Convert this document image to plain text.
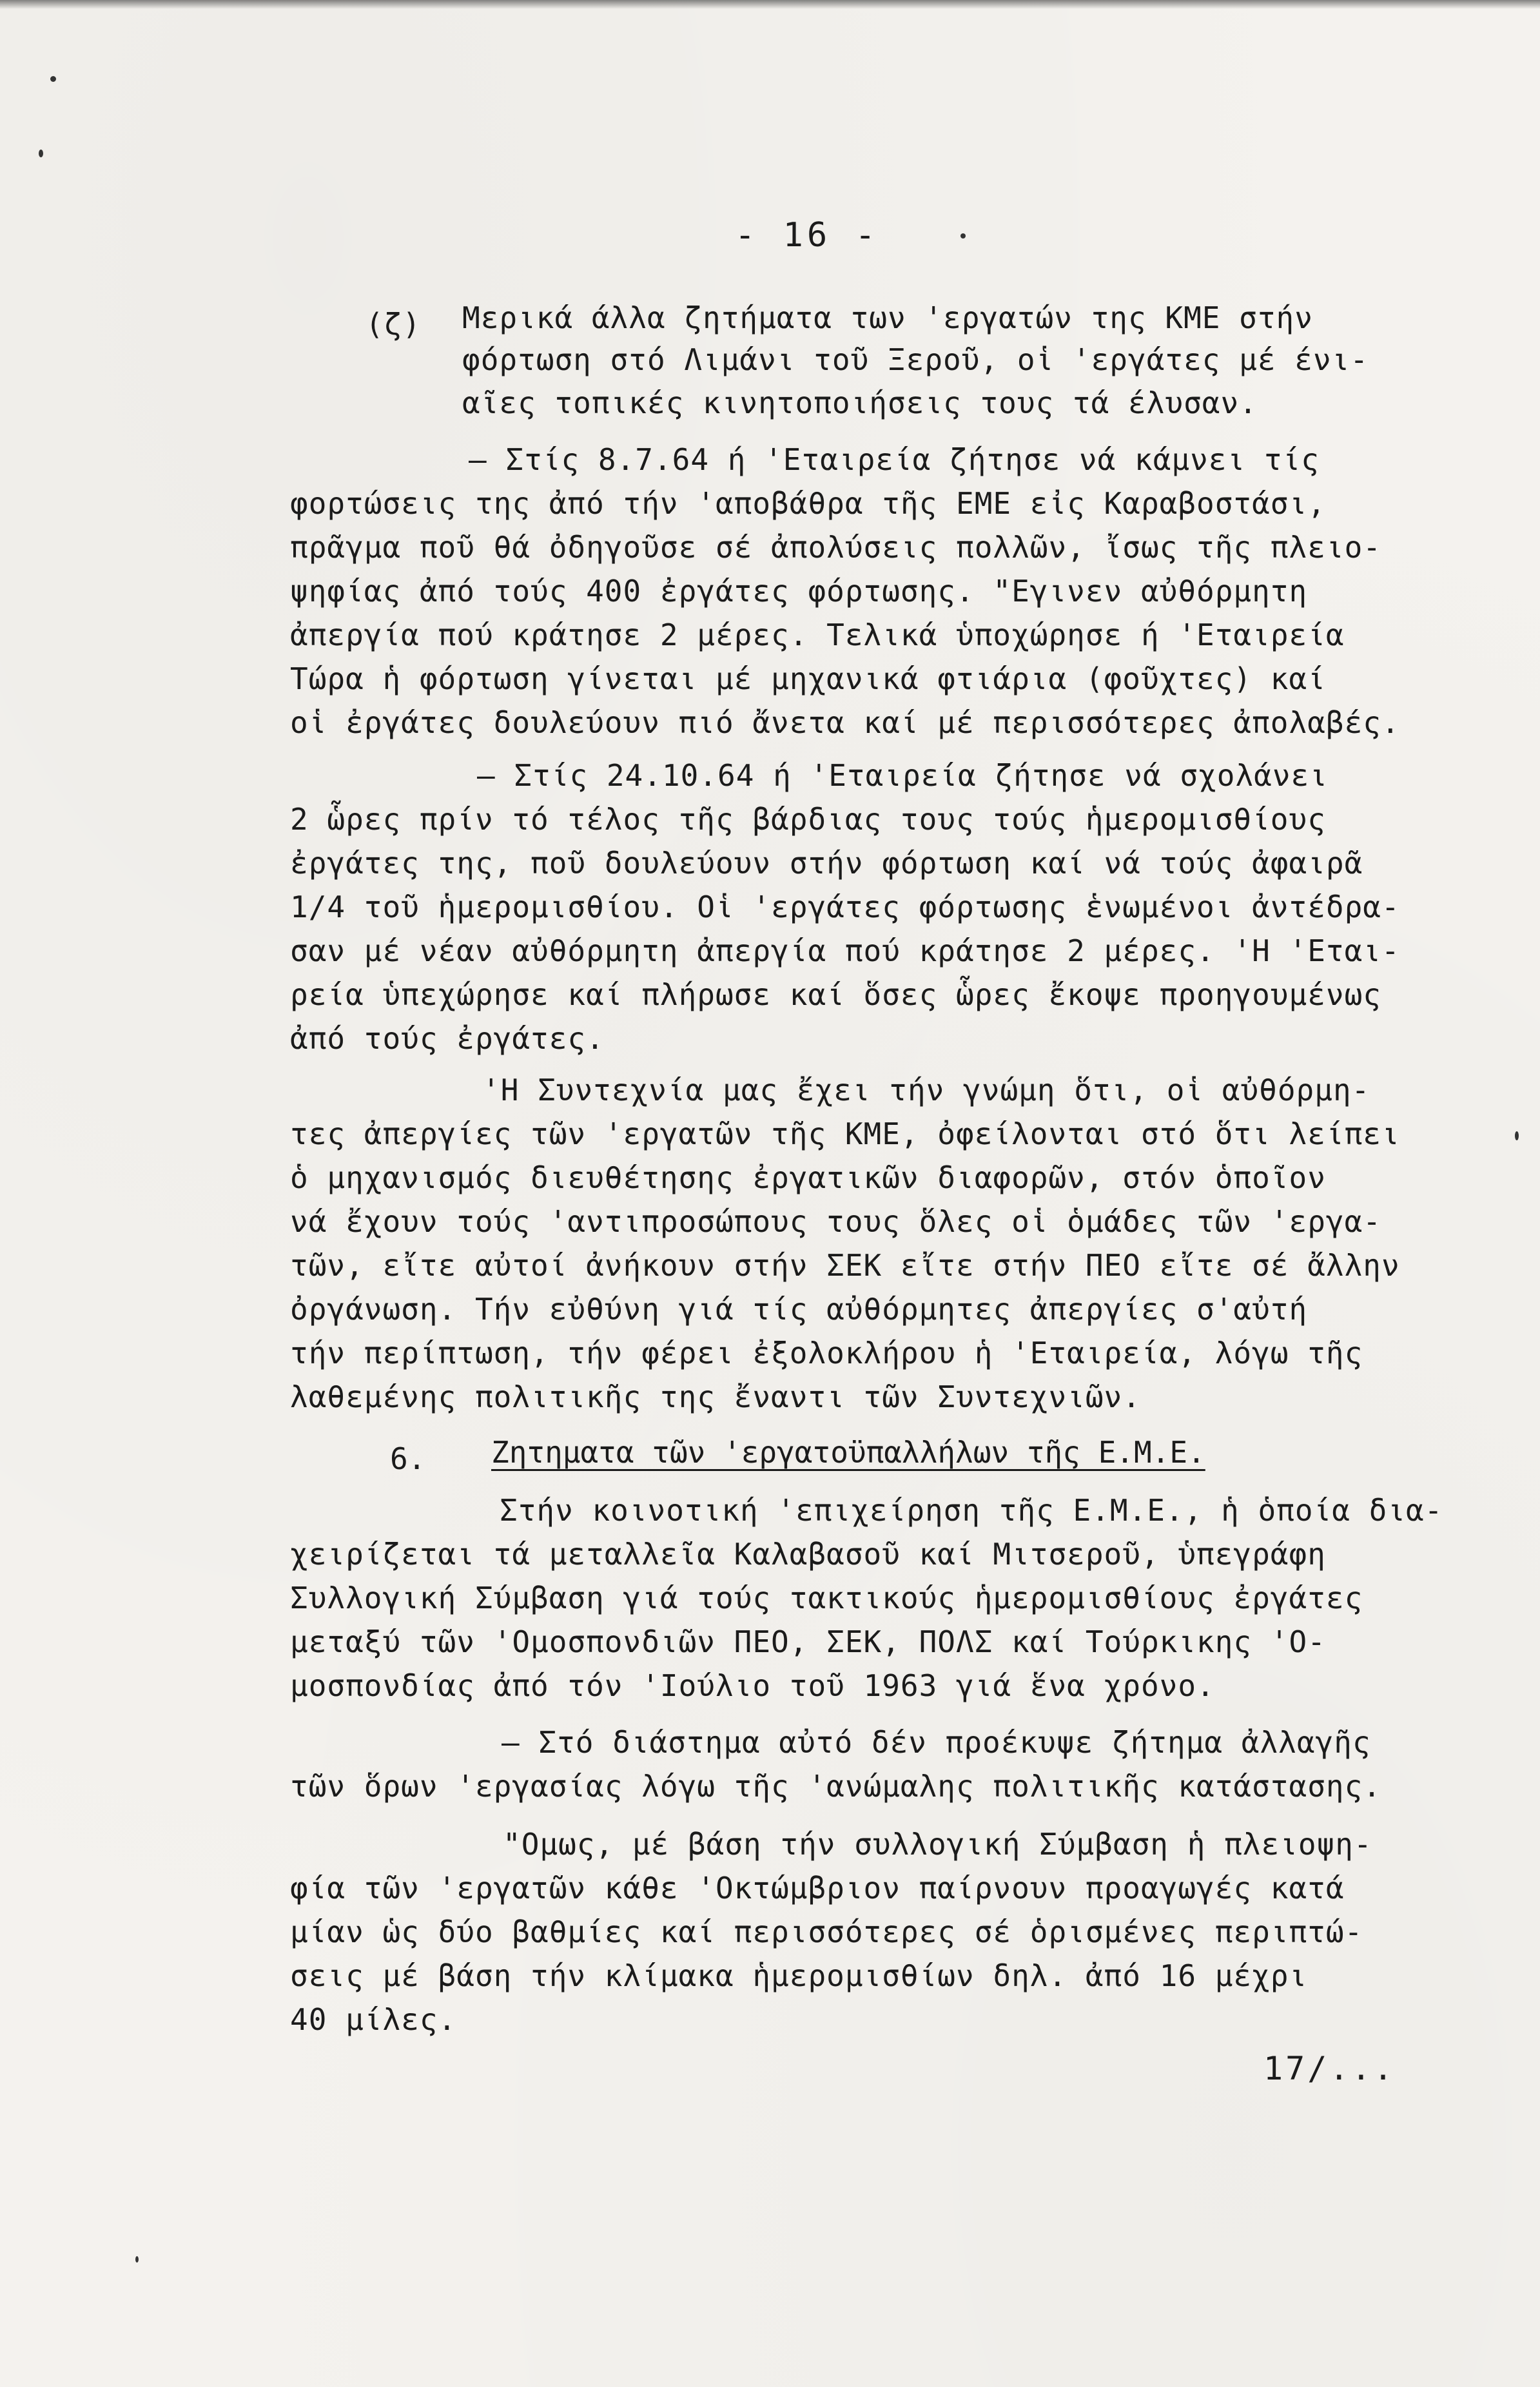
- 16 -
(ζ) Μερικά άλλα ζητήματα των 'εργατών της ΚΜΕ στήν
φόρτωση στό Λιμάνι τοῦ Ξεροῦ, οἱ 'εργάτες μέ ένι-
αῖες τοπικές κινητοποιήσεις τους τά έλυσαν.
– Στίς 8.7.64 ή 'Εταιρεία ζήτησε νά κάμνει τίς
φορτώσεις της ἀπό τήν 'αποβάθρα τῆς ΕΜΕ εἰς Καραβοστάσι,
πρᾶγμα ποῦ θά ὀδηγοῦσε σέ ἀπολύσεις πολλῶν, ἴσως τῆς πλειο-
ψηφίας ἀπό τούς 400 ἐργάτες φόρτωσης. "Εγινεν αὐθόρμητη
ἀπεργία πού κράτησε 2 μέρες. Τελικά ὑποχώρησε ή 'Εταιρεία
Τώρα ἡ φόρτωση γίνεται μέ μηχανικά φτιάρια (φοῦχτες) καί
οἱ ἐργάτες δουλεύουν πιό ἄνετα καί μέ περισσότερες ἀπολαβές.
– Στίς 24.10.64 ή 'Εταιρεία ζήτησε νά σχολάνει
2 ὧρες πρίν τό τέλος τῆς βάρδιας τους τούς ἡμερομισθίους
ἐργάτες της, ποῦ δουλεύουν στήν φόρτωση καί νά τούς ἀφαιρᾶ
1/4 τοῦ ἡμερομισθίου. Οἱ 'εργάτες φόρτωσης ἑνωμένοι ἀντέδρα-
σαν μέ νέαν αὐθόρμητη ἀπεργία πού κράτησε 2 μέρες. 'Η 'Εται-
ρεία ὑπεχώρησε καί πλήρωσε καί ὅσες ὧρες ἔκοψε προηγουμένως
ἀπό τούς ἐργάτες.
'Η Συντεχνία μας ἔχει τήν γνώμη ὅτι, οἱ αὐθόρμη-
τες ἀπεργίες τῶν 'εργατῶν τῆς ΚΜΕ, ὀφείλονται στό ὅτι λείπει
ὁ μηχανισμός διευθέτησης ἐργατικῶν διαφορῶν, στόν ὁποῖον
νά ἔχουν τούς 'αντιπροσώπους τους ὅλες οἱ ὁμάδες τῶν 'εργα-
τῶν, εἴτε αὐτοί ἀνήκουν στήν ΣΕΚ εἴτε στήν ΠΕΟ εἴτε σέ ἄλλην
ὀργάνωση. Τήν εὐθύνη γιά τίς αὐθόρμητες ἀπεργίες σ'αὐτή
τήν περίπτωση, τήν φέρει ἐξολοκλήρου ἡ 'Εταιρεία, λόγω τῆς
λαθεμένης πολιτικῆς της ἔναντι τῶν Συντεχνιῶν.
6. Ζητηματα τῶν 'εργατοϋπαλλήλων τῆς Ε.Μ.Ε.
Στήν κοινοτική 'επιχείρηση τῆς Ε.Μ.Ε., ἡ ὁποία δια-
χειρίζεται τά μεταλλεῖα Καλαβασοῦ καί Μιτσεροῦ, ὑπεγράφη
Συλλογική Σύμβαση γιά τούς τακτικούς ἡμερομισθίους ἐργάτες
μεταξύ τῶν 'Ομοσπονδιῶν ΠΕΟ, ΣΕΚ, ΠΟΛΣ καί Τούρκικης 'Ο-
μοσπονδίας ἀπό τόν 'Ιούλιο τοῦ 1963 γιά ἕνα χρόνο.
– Στό διάστημα αὐτό δέν προέκυψε ζήτημα ἀλλαγῆς
τῶν ὅρων 'εργασίας λόγω τῆς 'ανώμαλης πολιτικῆς κατάστασης.
"Ομως, μέ βάση τήν συλλογική Σύμβαση ἡ πλειοψη-
φία τῶν 'εργατῶν κάθε 'Οκτώμβριον παίρνουν προαγωγές κατά
μίαν ὡς δύο βαθμίες καί περισσότερες σέ ὁρισμένες περιπτώ-
σεις μέ βάση τήν κλίμακα ἡμερομισθίων δηλ. ἀπό 16 μέχρι
40 μίλες.
17/...
